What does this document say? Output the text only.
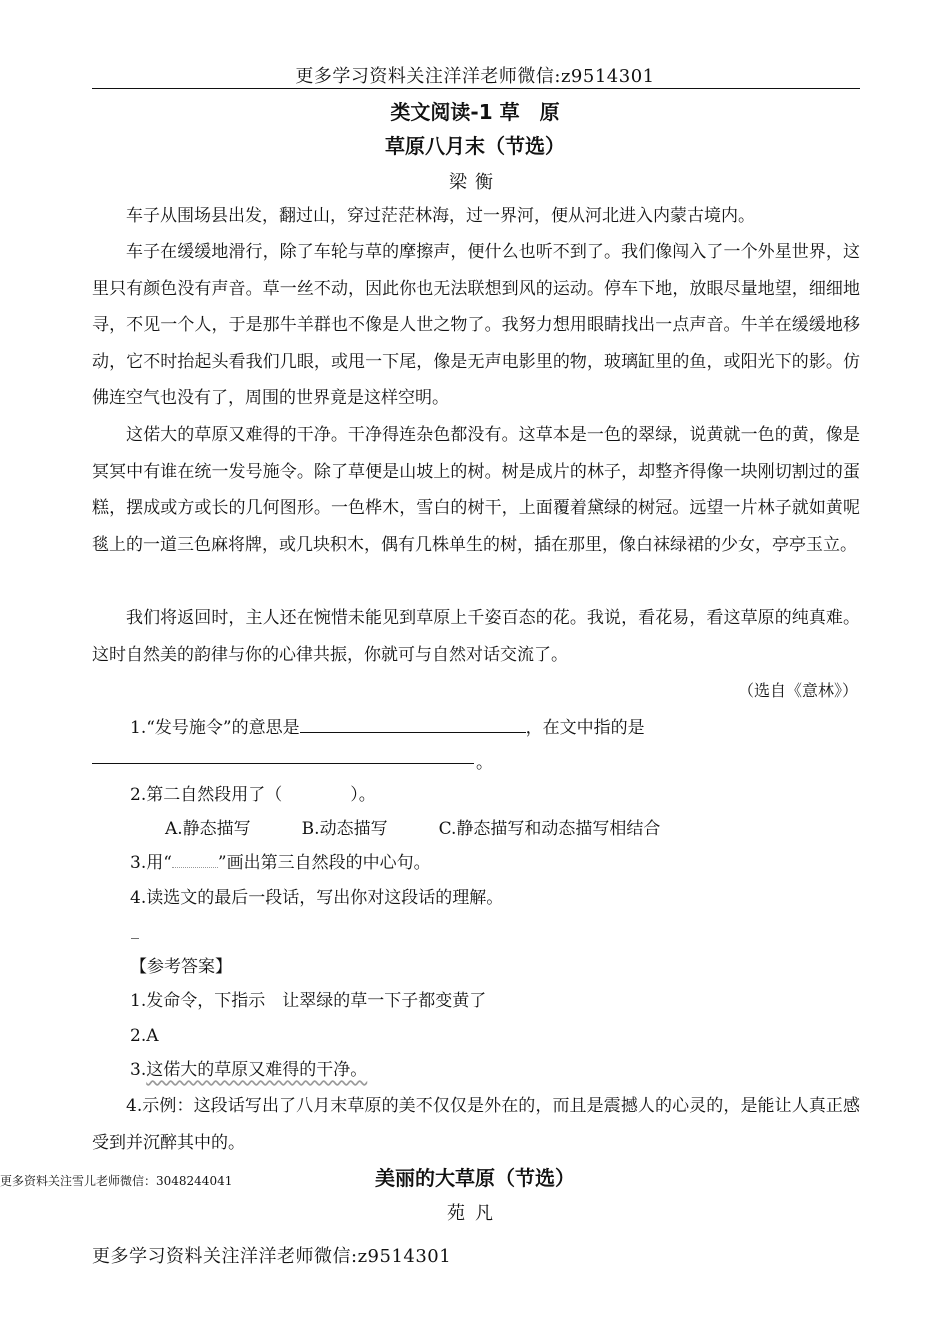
更多学习资料关注洋洋老师微信:z9514301
类文阅读-1 草　原
草原八月末（节选）
梁衡
车子从围场县出发，翻过山，穿过茫茫林海，过一界河，便从河北进入内蒙古境内。
车子在缓缓地滑行，除了车轮与草的摩擦声，便什么也听不到了。我们像闯入了一个外星世界，这里只有颜色没有声音。草一丝不动，因此你也无法联想到风的运动。停车下地，放眼尽量地望，细细地寻，不见一个人，于是那牛羊群也不像是人世之物了。我努力想用眼睛找出一点声音。牛羊在缓缓地移动，它不时抬起头看我们几眼，或甩一下尾，像是无声电影里的物，玻璃缸里的鱼，或阳光下的影。仿佛连空气也没有了，周围的世界竟是这样空明。
这偌大的草原又难得的干净。干净得连杂色都没有。这草本是一色的翠绿，说黄就一色的黄，像是冥冥中有谁在统一发号施令。除了草便是山坡上的树。树是成片的林子，却整齐得像一块刚切割过的蛋糕，摆成或方或长的几何图形。一色桦木，雪白的树干，上面覆着黛绿的树冠。远望一片林子就如黄呢毯上的一道三色麻将牌，或几块积木，偶有几株单生的树，插在那里，像白袜绿裙的少女，亭亭玉立。
我们将返回时，主人还在惋惜未能见到草原上千姿百态的花。我说，看花易，看这草原的纯真难。这时自然美的韵律与你的心律共振，你就可与自然对话交流了。
（选自《意林》）
1.“发号施令”的意思是	，在文中指的是
。
2.第二自然段用了（　　　　）。
A.静态描写　　　B.动态描写　　　C.静态描写和动态描写相结合
3.用“	”画出第三自然段的中心句。
4.读选文的最后一段话，写出你对这段话的理解。
_
【参考答案】
1.发命令，下指示　让翠绿的草一下子都变黄了
2.A
3.这偌大的草原又难得的干净。
4.示例：这段话写出了八月末草原的美不仅仅是外在的，而且是震撼人的心灵的，是能让人真正感受到并沉醉其中的。
更多资料关注雪儿老师微信：3048244041	美丽的大草原（节选）
苑凡
更多学习资料关注洋洋老师微信:z9514301
